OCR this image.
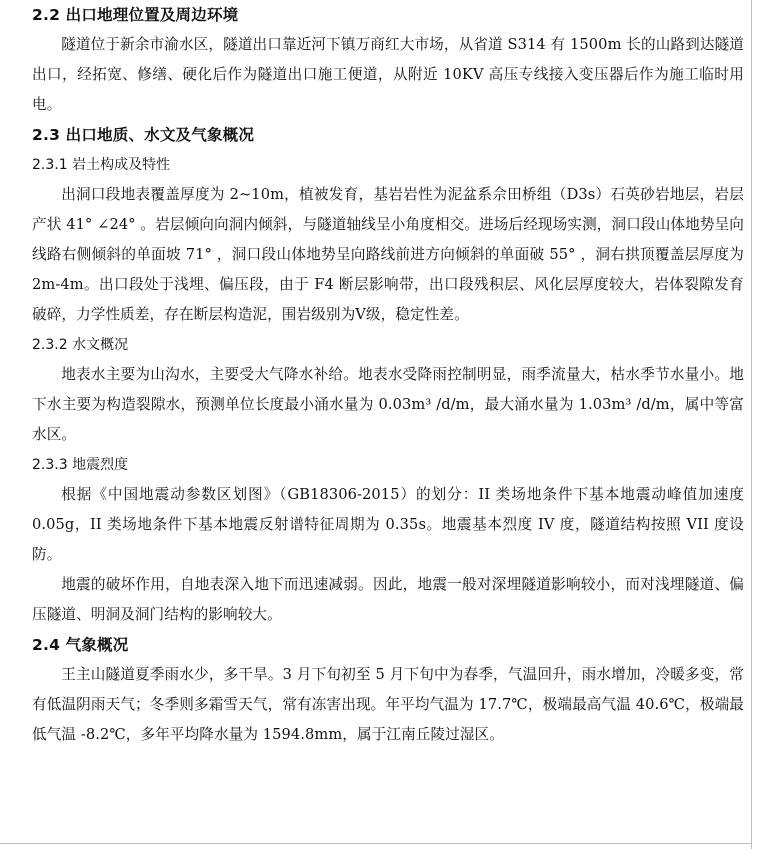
2.2 出口地理位置及周边环境

隧道位于新余市渝水区，隧道出口靠近河下镇万商红大市场，从省道 S314 有 1500m 长的山路到达隧道出口，经拓宽、修缮、硬化后作为隧道出口施工便道，从附近 10KV 高压专线接入变压器后作为施工临时用电。

2.3 出口地质、水文及气象概况
2.3.1 岩土构成及特性

出洞口段地表覆盖厚度为 2~10m，植被发育，基岩岩性为泥盆系佘田桥组（D3s）石英砂岩地层，岩层产状 41° ∠24° 。岩层倾向向洞内倾斜，与隧道轴线呈小角度相交。进场后经现场实测，洞口段山体地势呈向线路右侧倾斜的单面坡 71° ，洞口段山体地势呈向路线前进方向倾斜的单面破 55° ，洞右拱顶覆盖层厚度为 2m-4m。出口段处于浅埋、偏压段，由于 F4 断层影响带，出口段残积层、风化层厚度较大，岩体裂隙发育破碎，力学性质差，存在断层构造泥，围岩级别为Ⅴ级，稳定性差。

2.3.2 水文概况

地表水主要为山沟水，主要受大气降水补给。地表水受降雨控制明显，雨季流量大，枯水季节水量小。地下水主要为构造裂隙水，预测单位长度最小涌水量为 0.03m³ /d/m，最大涌水量为 1.03m³ /d/m，属中等富水区。

2.3.3 地震烈度

根据《中国地震动参数区划图》（GB18306-2015）的划分：II 类场地条件下基本地震动峰值加速度 0.05g，II 类场地条件下基本地震反射谱特征周期为 0.35s。地震基本烈度 IV 度，隧道结构按照 VII 度设防。

地震的破坏作用，自地表深入地下而迅速减弱。因此，地震一般对深埋隧道影响较小，而对浅埋隧道、偏压隧道、明洞及洞门结构的影响较大。

2.4 气象概况

王主山隧道夏季雨水少，多干旱。3 月下旬初至 5 月下旬中为春季，气温回升，雨水增加，冷暖多变，常有低温阴雨天气；冬季则多霜雪天气，常有冻害出现。年平均气温为 17.7℃，极端最高气温 40.6℃，极端最低气温 -8.2℃，多年平均降水量为 1594.8mm，属于江南丘陵过湿区。
